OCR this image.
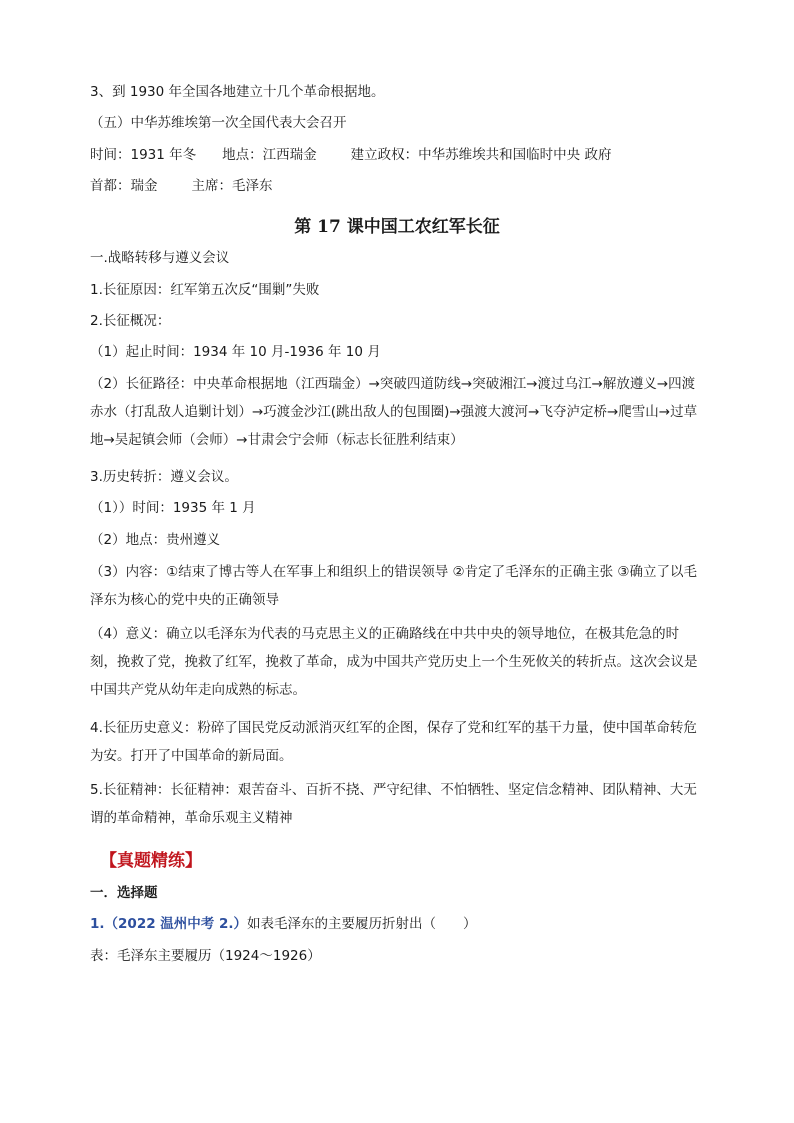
3、到 1930 年全国各地建立十几个革命根据地。
（五）中华苏维埃第一次全国代表大会召开
时间：1931 年冬 地点：江西瑞金	建立政权：中华苏维埃共和国临时中央 政府
首都：瑞金	主席：毛泽东
第 17 课中国工农红军长征
一.战略转移与遵义会议
1.长征原因：红军第五次反“围剿”失败
2.长征概况：
（1）起止时间：1934 年 10 月-1936 年 10 月
（2）长征路径：中央革命根据地（江西瑞金）→突破四道防线→突破湘江→渡过乌江→解放遵义→四渡赤水（打乱敌人追剿计划）→巧渡金沙江(跳出敌人的包围圈)→强渡大渡河→飞夺泸定桥→爬雪山→过草地→吴起镇会师（会师）→甘肃会宁会师（标志长征胜利结束）
3.历史转折：遵义会议。
（1））时间：1935 年 1 月
（2）地点：贵州遵义
（3）内容：①结束了博古等人在军事上和组织上的错误领导 ②肯定了毛泽东的正确主张 ③确立了以毛泽东为核心的党中央的正确领导
（4）意义：确立以毛泽东为代表的马克思主义的正确路线在中共中央的领导地位，在极其危急的时刻，挽救了党，挽救了红军，挽救了革命，成为中国共产党历史上一个生死攸关的转折点。这次会议是中国共产党从幼年走向成熟的标志。
4.长征历史意义：粉碎了国民党反动派消灭红军的企图，保存了党和红军的基干力量，使中国革命转危为安。打开了中国革命的新局面。
5.长征精神：长征精神：艰苦奋斗、百折不挠、严守纪律、不怕牺牲、坚定信念精神、团队精神、大无谓的革命精神，革命乐观主义精神
【真题精练】
一．选择题
1.（2022 温州中考 2.）如表毛泽东的主要履历折射出（　　）
表：毛泽东主要履历（1924～1926）
